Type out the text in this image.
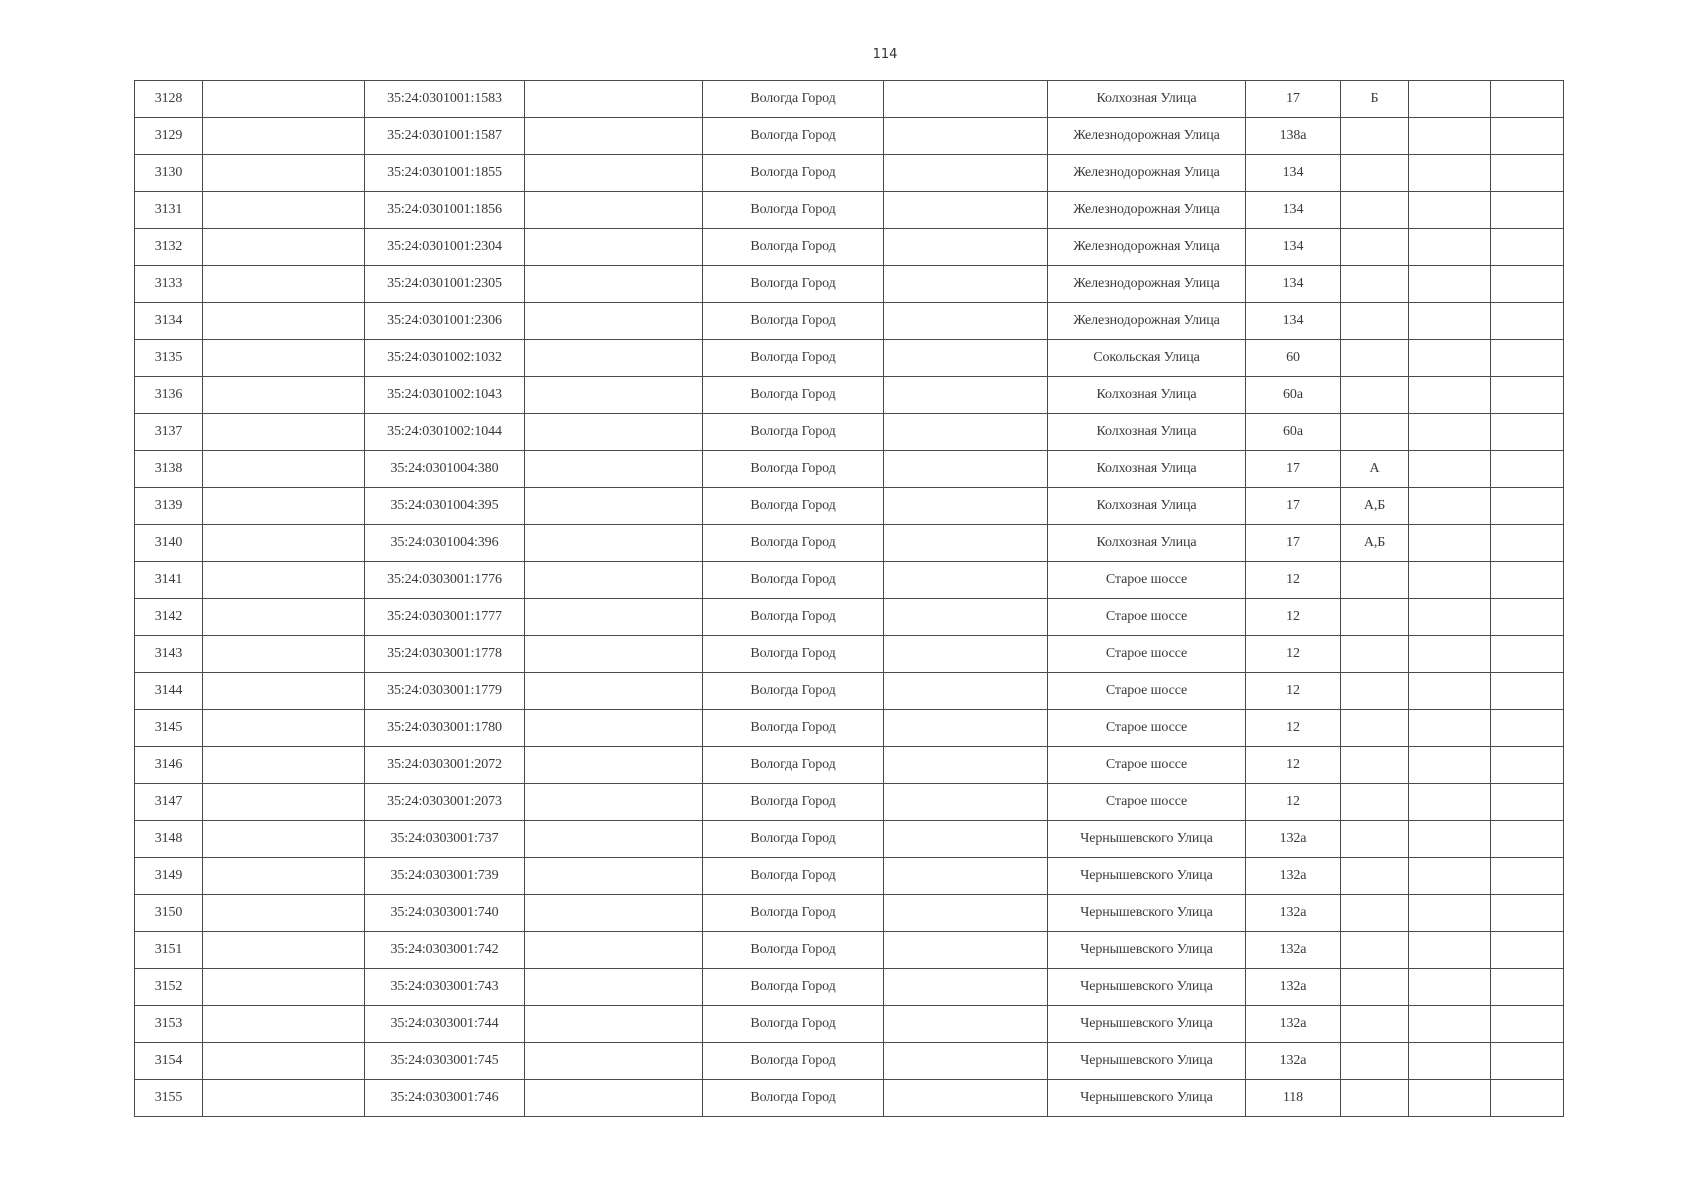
114
3128		35:24:0301001:1583		Вологда Город		Колхозная Улица	17	Б		
3129		35:24:0301001:1587		Вологда Город		Железнодорожная Улица	138а			
3130		35:24:0301001:1855		Вологда Город		Железнодорожная Улица	134			
3131		35:24:0301001:1856		Вологда Город		Железнодорожная Улица	134			
3132		35:24:0301001:2304		Вологда Город		Железнодорожная Улица	134			
3133		35:24:0301001:2305		Вологда Город		Железнодорожная Улица	134			
3134		35:24:0301001:2306		Вологда Город		Железнодорожная Улица	134			
3135		35:24:0301002:1032		Вологда Город		Сокольская Улица	60			
3136		35:24:0301002:1043		Вологда Город		Колхозная Улица	60а			
3137		35:24:0301002:1044		Вологда Город		Колхозная Улица	60а			
3138		35:24:0301004:380		Вологда Город		Колхозная Улица	17	А		
3139		35:24:0301004:395		Вологда Город		Колхозная Улица	17	А,Б		
3140		35:24:0301004:396		Вологда Город		Колхозная Улица	17	А,Б		
3141		35:24:0303001:1776		Вологда Город		Старое шоссе	12			
3142		35:24:0303001:1777		Вологда Город		Старое шоссе	12			
3143		35:24:0303001:1778		Вологда Город		Старое шоссе	12			
3144		35:24:0303001:1779		Вологда Город		Старое шоссе	12			
3145		35:24:0303001:1780		Вологда Город		Старое шоссе	12			
3146		35:24:0303001:2072		Вологда Город		Старое шоссе	12			
3147		35:24:0303001:2073		Вологда Город		Старое шоссе	12			
3148		35:24:0303001:737		Вологда Город		Чернышевского Улица	132а			
3149		35:24:0303001:739		Вологда Город		Чернышевского Улица	132а			
3150		35:24:0303001:740		Вологда Город		Чернышевского Улица	132а			
3151		35:24:0303001:742		Вологда Город		Чернышевского Улица	132а			
3152		35:24:0303001:743		Вологда Город		Чернышевского Улица	132а			
3153		35:24:0303001:744		Вологда Город		Чернышевского Улица	132а			
3154		35:24:0303001:745		Вологда Город		Чернышевского Улица	132а			
3155		35:24:0303001:746		Вологда Город		Чернышевского Улица	118			
